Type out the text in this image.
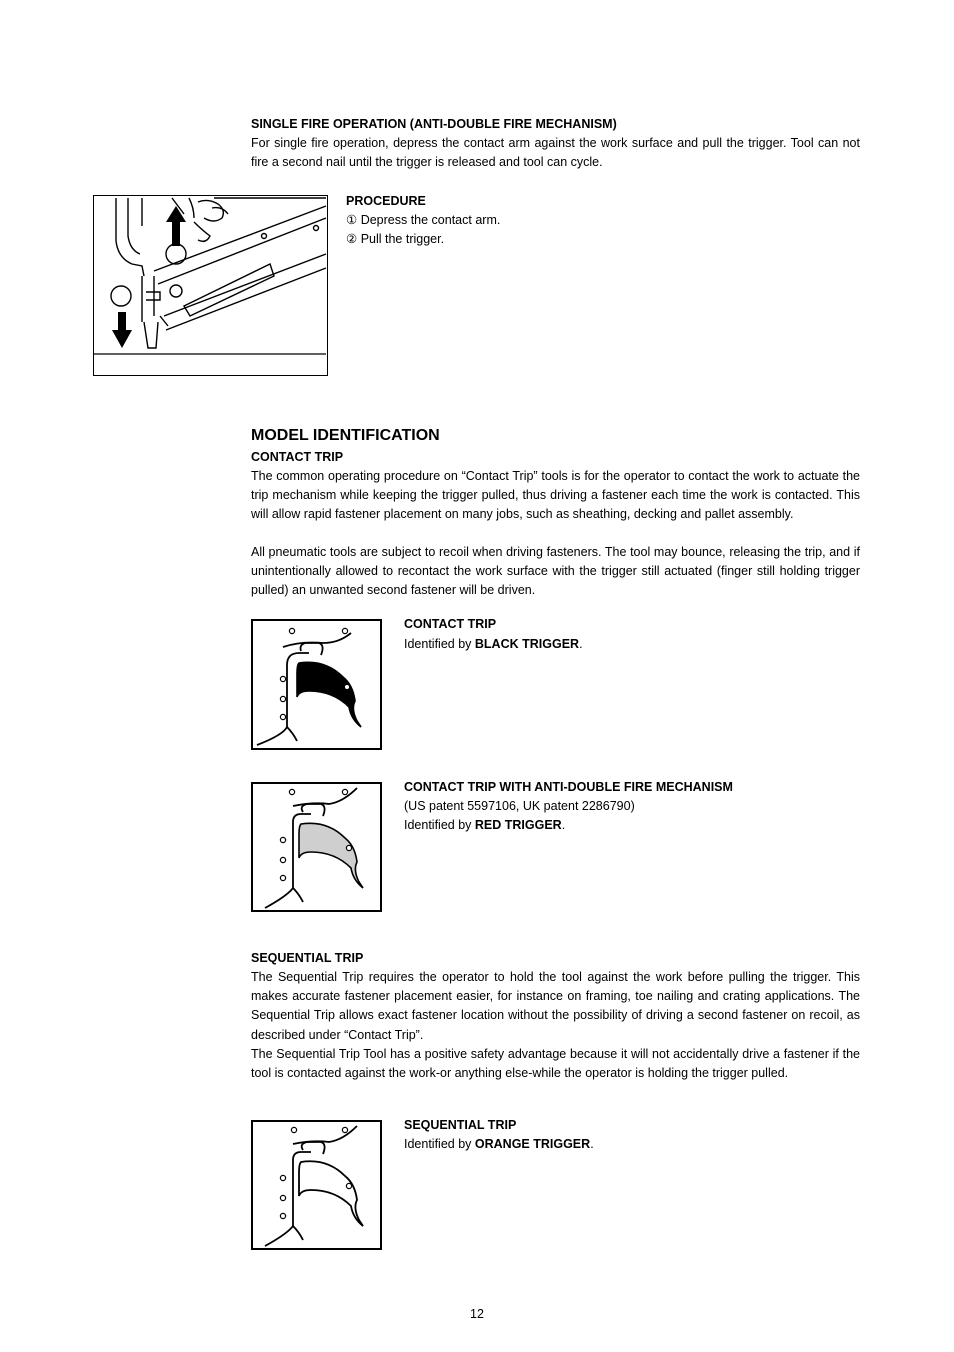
SINGLE FIRE OPERATION (ANTI-DOUBLE FIRE MECHANISM)
For single fire operation, depress the contact arm against the work surface and pull the trigger. Tool can not fire a second nail until the trigger is released and tool can cycle.
PROCEDURE
① Depress the contact arm.
② Pull the trigger.
MODEL IDENTIFICATION
CONTACT TRIP
The common operating procedure on “Contact Trip” tools is for the operator to contact the work to actuate the trip mechanism while keeping the trigger pulled, thus driving a fastener each time the work is contacted. This will allow rapid fastener placement on many jobs, such as sheathing, decking and pallet assembly.
All pneumatic tools are subject to recoil when driving fasteners. The tool may bounce, releasing the trip, and if unintentionally allowed to recontact the work surface with the trigger still actuated (finger still holding trigger pulled) an unwanted second fastener will be driven.
CONTACT TRIP
Identified by BLACK TRIGGER.
CONTACT TRIP WITH ANTI-DOUBLE FIRE MECHANISM
(US patent 5597106, UK patent 2286790)
Identified by RED TRIGGER.
SEQUENTIAL TRIP
The Sequential Trip requires the operator to hold the tool against the work before pulling the trigger. This makes accurate fastener placement easier, for instance on framing, toe nailing and crating applications. The Sequential Trip allows exact fastener location without the possibility of driving a second fastener on recoil, as described under “Contact Trip”.
The Sequential Trip Tool has a positive safety advantage because it will not accidentally drive a fastener if the tool is contacted against the work-or anything else-while the operator is holding the trigger pulled.
SEQUENTIAL TRIP
Identified by ORANGE TRIGGER.
12
